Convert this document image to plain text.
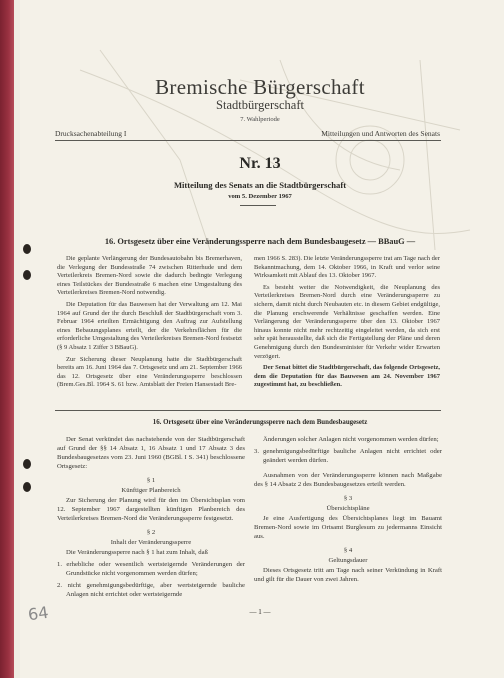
Bremische Bürgerschaft
Stadtbürgerschaft
7. Wahlperiode
Drucksachenabteilung I	Mitteilungen und Antworten des Senats
Nr. 13
Mitteilung des Senats an die Stadtbürgerschaft
vom 5. Dezember 1967
16. Ortsgesetz über eine Veränderungssperre nach dem Bundesbaugesetz — BBauG —

Die geplante Verlängerung der Bundesautobahn bis Bremerhaven, die Verlegung der Bundesstraße 74 zwischen Ritterhude und dem Verteilerkreis Bremen-Nord sowie die dadurch bedingte Verlegung eines Teilstückes der Bundesstraße 6 machen eine Umgestaltung des Verteilerkreises Bremen-Nord notwendig.

Die Deputation für das Bauwesen hat der Verwaltung am 12. Mai 1964 auf Grund der ihr durch Beschluß der Stadtbürgerschaft vom 3. Februar 1964 erteilten Ermächtigung den Auftrag zur Aufstellung eines Bebauungsplanes erteilt, der die Verkehrsflächen für die erforderliche Umgestaltung des Verteilerkreises Bremen-Nord festsetzt (§ 9 Absatz 1 Ziffer 3 BBauG).

Zur Sicherung dieser Neuplanung hatte die Stadtbürgerschaft bereits am 16. Juni 1964 das 7. Ortsgesetz und am 21. September 1966 das 12. Ortsgesetz über eine Veränderungssperre beschlossen (Brem.Ges.Bl. 1964 S. 61 bzw. Amtsblatt der Freien Hansestadt Bre-

men 1966 S. 283). Die letzte Veränderungssperre trat am Tage nach der Bekanntmachung, dem 14. Oktober 1966, in Kraft und verlor seine Wirksamkeit mit Ablauf des 13. Oktober 1967.

Es besteht weiter die Notwendigkeit, die Neuplanung des Verteilerkreises Bremen-Nord durch eine Veränderungssperre zu sichern, damit nicht durch Neubauten etc. in diesem Gebiet endgültige, die Planung erschwerende Verhältnisse geschaffen werden. Eine Verlängerung der Veränderungssperre über den 13. Oktober 1967 hinaus konnte nicht mehr rechtzeitig eingeleitet werden, da sich erst sehr spät herausstellte, daß sich die Fertigstellung der Pläne und deren Genehmigung durch den Bundesminister für Verkehr wider Erwarten verzögert.

Der Senat bittet die Stadtbürgerschaft, das folgende Ortsgesetz, dem die Deputation für das Bauwesen am 24. November 1967 zugestimmt hat, zu beschließen.

16. Ortsgesetz über eine Veränderungssperre nach dem Bundesbaugesetz

Der Senat verkündet das nachstehende von der Stadtbürgerschaft auf Grund der §§ 14 Absatz 1, 16 Absatz 1 und 17 Absatz 3 des Bundesbaugesetzes vom 23. Juni 1960 (BGBl. I S. 341) beschlossene Ortsgesetz:

§ 1

Künftiger Planbereich

Zur Sicherung der Planung wird für den im Übersichtsplan vom 12. September 1967 dargestellten künftigen Planbereich des Verteilerkreises Bremen-Nord die Veränderungssperre festgesetzt.

§ 2

Inhalt der Veränderungssperre

Die Veränderungssperre nach § 1 hat zum Inhalt, daß

1. erhebliche oder wesentlich wertsteigernde Veränderungen der Grundstücke nicht vorgenommen werden dürfen;

2. nicht genehmigungsbedürftige, aber wertsteigernde bauliche Anlagen nicht errichtet oder wertsteigernde

Änderungen solcher Anlagen nicht vorgenommen werden dürfen;

3. genehmigungsbedürftige bauliche Anlagen nicht errichtet oder geändert werden dürfen.

Ausnahmen von der Veränderungssperre können nach Maßgabe des § 14 Absatz 2 des Bundesbaugesetzes erteilt werden.

§ 3

Übersichtspläne

Je eine Ausfertigung des Übersichtsplanes liegt im Bauamt Bremen-Nord sowie im Ortsamt Burglesum zu jedermanns Einsicht aus.

§ 4

Geltungsdauer

Dieses Ortsgesetz tritt am Tage nach seiner Verkündung in Kraft und gilt für die Dauer von zwei Jahren.

— 1 —
64
